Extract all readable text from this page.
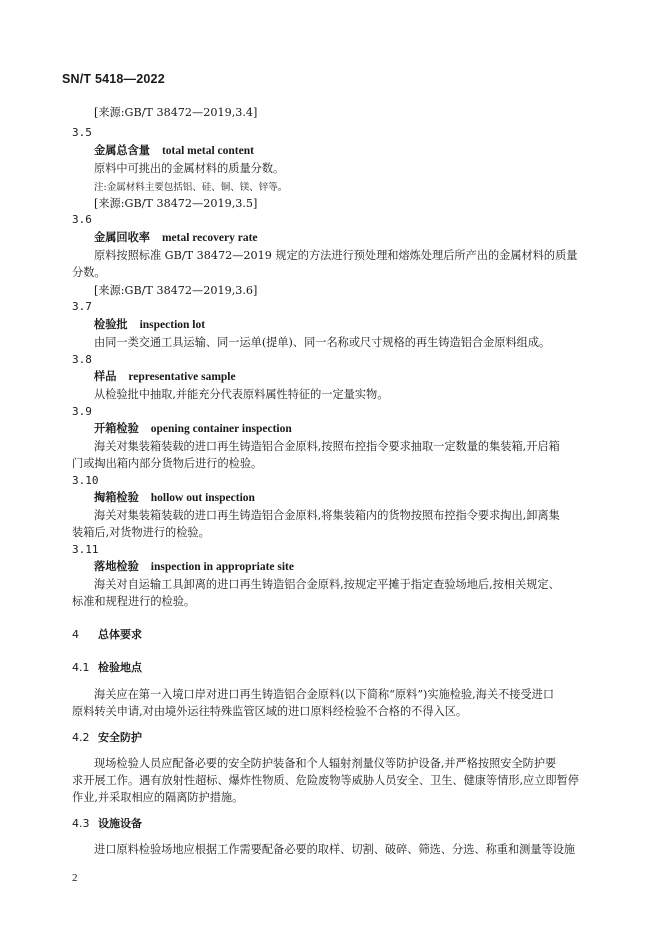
SN/T 5418—2022
[来源:GB/T 38472—2019,3.4]
3.5
金属总含量 total metal content
原料中可挑出的金属材料的质量分数。
注:金属材料主要包括铝、硅、铜、镁、锌等。
[来源:GB/T 38472—2019,3.5]
3.6
金属回收率 metal recovery rate
原料按照标准 GB/T 38472—2019 规定的方法进行预处理和熔炼处理后所产出的金属材料的质量
分数。
[来源:GB/T 38472—2019,3.6]
3.7
检验批 inspection lot
由同一类交通工具运输、同一运单(提单)、同一名称或尺寸规格的再生铸造铝合金原料组成。
3.8
样品 representative sample
从检验批中抽取,并能充分代表原料属性特征的一定量实物。
3.9
开箱检验 opening container inspection
海关对集装箱装载的进口再生铸造铝合金原料,按照布控指令要求抽取一定数量的集装箱,开启箱
门或掏出箱内部分货物后进行的检验。
3.10
掏箱检验 hollow out inspection
海关对集装箱装载的进口再生铸造铝合金原料,将集装箱内的货物按照布控指令要求掏出,卸离集
装箱后,对货物进行的检验。
3.11
落地检验 inspection in appropriate site
海关对自运输工具卸离的进口再生铸造铝合金原料,按规定平摊于指定查验场地后,按相关规定、
标准和规程进行的检验。
4 总体要求
4.1 检验地点
海关应在第一入境口岸对进口再生铸造铝合金原料(以下简称“原料”)实施检验,海关不接受进口
原料转关申请,对由境外运往特殊监管区域的进口原料经检验不合格的不得入区。
4.2 安全防护
现场检验人员应配备必要的安全防护装备和个人辐射剂量仪等防护设备,并严格按照安全防护要
求开展工作。遇有放射性超标、爆炸性物质、危险废物等威胁人员安全、卫生、健康等情形,应立即暂停
作业,并采取相应的隔离防护措施。
4.3 设施设备
进口原料检验场地应根据工作需要配备必要的取样、切割、破碎、筛选、分选、称重和测量等设施
2
